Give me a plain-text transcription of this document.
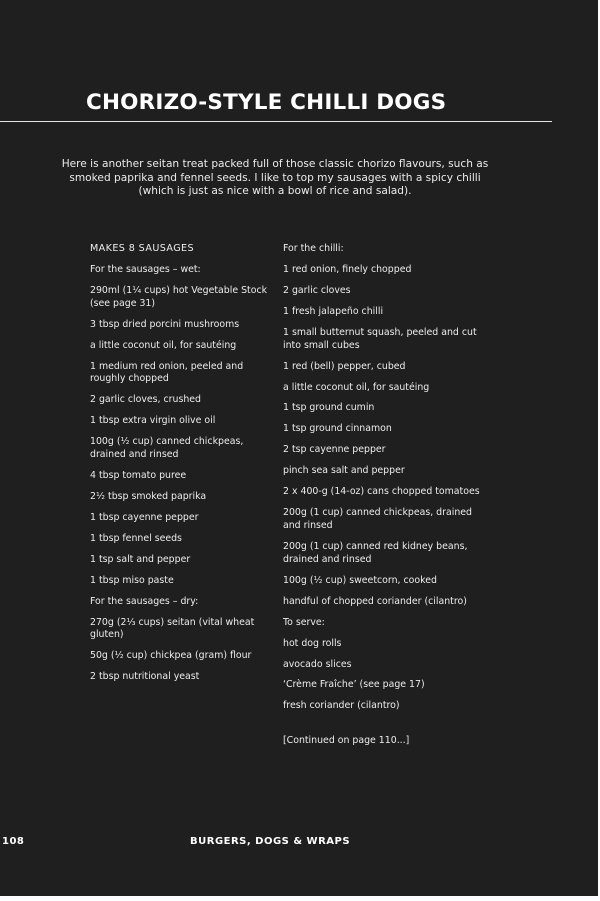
CHORIZO-STYLE CHILLI DOGS
Here is another seitan treat packed full of those classic chorizo flavours, such as smoked paprika and fennel seeds. I like to top my sausages with a spicy chilli (which is just as nice with a bowl of rice and salad).
MAKES 8 SAUSAGES
For the sausages – wet:
290ml (1¹⁄₄ cups) hot Vegetable Stock (see page 31)
3 tbsp dried porcini mushrooms
a little coconut oil, for sautéing
1 medium red onion, peeled and roughly chopped
2 garlic cloves, crushed
1 tbsp extra virgin olive oil
100g (¹⁄₂ cup) canned chickpeas, drained and rinsed
4 tbsp tomato puree
2¹⁄₂ tbsp smoked paprika
1 tbsp cayenne pepper
1 tbsp fennel seeds
1 tsp salt and pepper
1 tbsp miso paste
For the sausages – dry:
270g (2¹⁄₃ cups) seitan (vital wheat gluten)
50g (¹⁄₂ cup) chickpea (gram) flour
2 tbsp nutritional yeast
For the chilli:
1 red onion, finely chopped
2 garlic cloves
1 fresh jalapeño chilli
1 small butternut squash, peeled and cut into small cubes
1 red (bell) pepper, cubed
a little coconut oil, for sautéing
1 tsp ground cumin
1 tsp ground cinnamon
2 tsp cayenne pepper
pinch sea salt and pepper
2 x 400-g (14-oz) cans chopped tomatoes
200g (1 cup) canned chickpeas, drained and rinsed
200g (1 cup) canned red kidney beans, drained and rinsed
100g (¹⁄₂ cup) sweetcorn, cooked
handful of chopped coriander (cilantro)
To serve:
hot dog rolls
avocado slices
‘Crème Fraîche’ (see page 17)
fresh coriander (cilantro)
[Continued on page 110...]
108	BURGERS, DOGS & WRAPS
